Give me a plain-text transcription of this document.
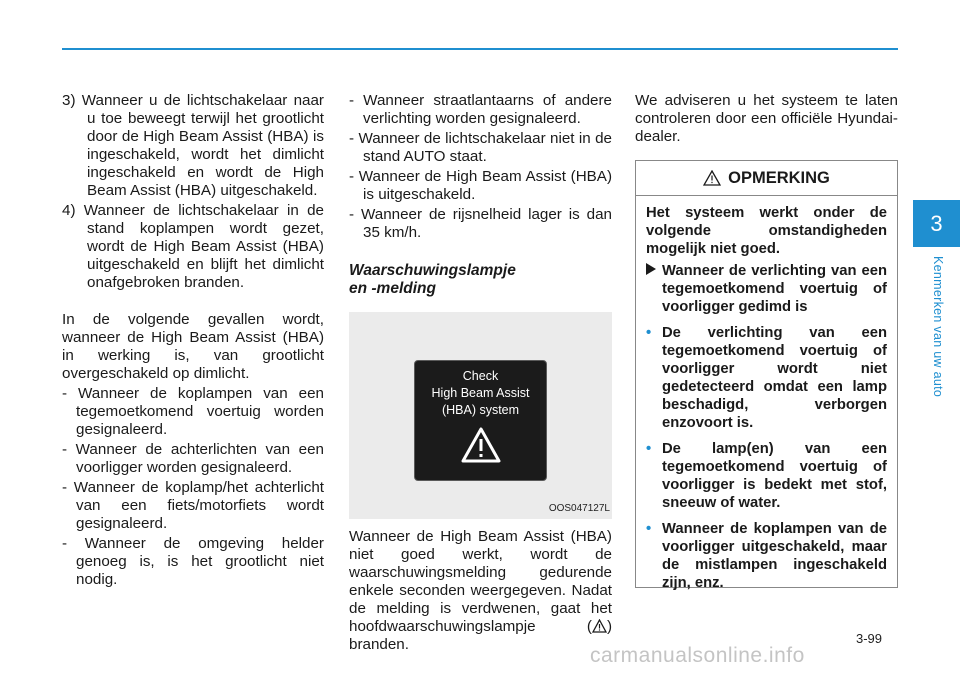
3) Wanneer u de lichtschakelaar naar u toe beweegt terwijl het grootlicht door de High Beam Assist (HBA) is ingeschakeld, wordt het dimlicht ingeschakeld en wordt de High Beam Assist (HBA) uitgeschakeld.

4) Wanneer de lichtschakelaar in de stand koplampen wordt gezet, wordt de High Beam Assist (HBA) uitgeschakeld en blijft het dimlicht onafgebroken branden.

In de volgende gevallen wordt, wanneer de High Beam Assist (HBA) in werking is, van grootlicht overgeschakeld op dimlicht.

- Wanneer de koplampen van een tegemoetkomend voertuig worden gesignaleerd.

- Wanneer de achterlichten van een voorligger worden gesignaleerd.

- Wanneer de koplamp/het achterlicht van een fiets/motorfiets wordt gesignaleerd.

- Wanneer de omgeving helder genoeg is, is het grootlicht niet nodig.

- Wanneer straatlantaarns of andere verlichting worden gesignaleerd.

- Wanneer de lichtschakelaar niet in de stand AUTO staat.

- Wanneer de High Beam Assist (HBA) is uitgeschakeld.

- Wanneer de rijsnelheid lager is dan 35 km/h.

Waarschuwingslampje
en -melding
Check
High Beam Assist
(HBA) system
OOS047127L

Wanneer de High Beam Assist (HBA) niet goed werkt, wordt de waarschuwingsmelding gedurende enkele seconden weergegeven. Nadat de melding is verdwenen, gaat het hoofdwaarschuwingslampje ( ) branden.

We adviseren u het systeem te laten controleren door een officiële Hyundai-dealer.

OPMERKING

Het systeem werkt onder de volgende omstandigheden mogelijk niet goed.

Wanneer de verlichting van een tegemoetkomend voertuig of voorligger gedimd is

• De verlichting van een tegemoetkomend voertuig of voorligger wordt niet gedetecteerd omdat een lamp beschadigd, verborgen enzovoort is.

• De lamp(en) van een tegemoetkomend voertuig of voorligger is bedekt met stof, sneeuw of water.

• Wanneer de koplampen van de voorligger uitgeschakeld, maar de mistlampen ingeschakeld zijn, enz.

3
Kenmerken van uw auto
3-99
carmanualsonline.info
